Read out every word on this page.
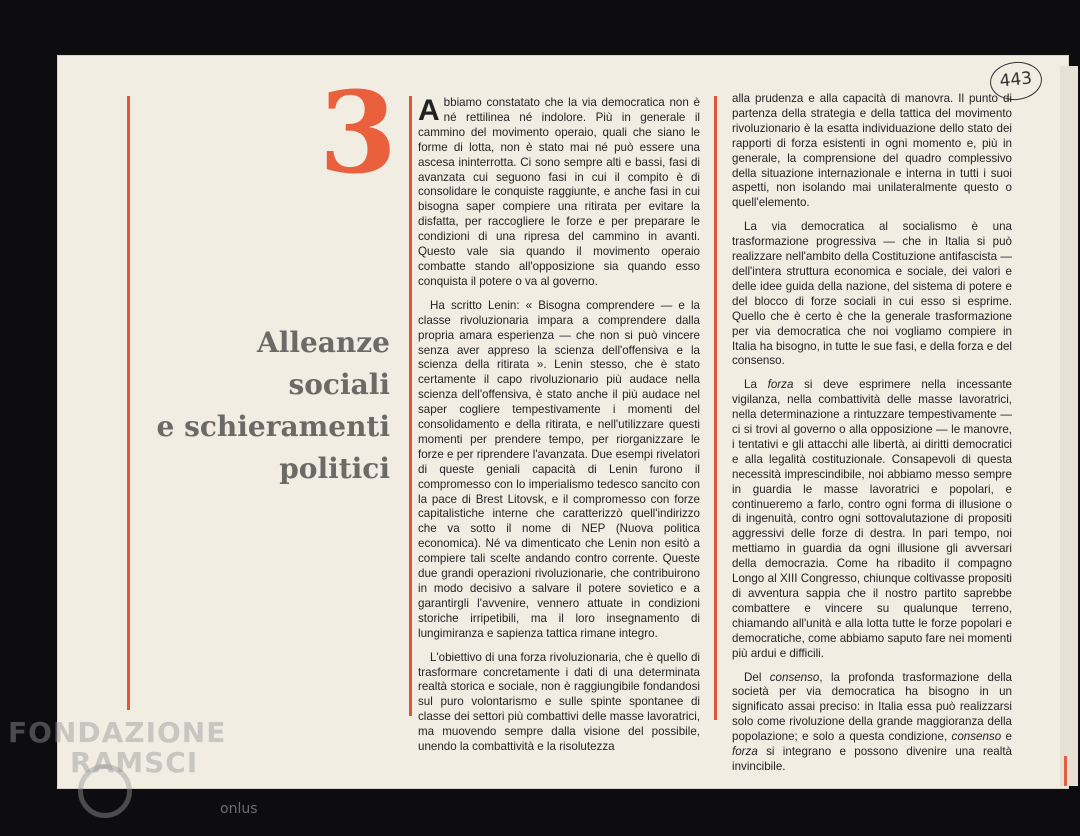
443
3
Alleanze
sociali
e schieramenti
politici

Abbiamo constatato che la via democratica non è né rettilinea né indolore. Più in generale il cammino del movimento operaio, quali che siano le forme di lotta, non è stato mai né può essere una ascesa ininterrotta. Ci sono sempre alti e bassi, fasi di avanzata cui seguono fasi in cui il compito è di consolidare le conquiste raggiunte, e anche fasi in cui bisogna saper compiere una ritirata per evitare la disfatta, per raccogliere le forze e per preparare le condizioni di una ripresa del cammino in avanti. Questo vale sia quando il movimento operaio combatte stando all'opposizione sia quando esso conquista il potere o va al governo.

Ha scritto Lenin: « Bisogna comprendere — e la classe rivoluzionaria impara a comprendere dalla propria amara esperienza — che non si può vincere senza aver appreso la scienza dell'offensiva e la scienza della ritirata ». Lenin stesso, che è stato certamente il capo rivoluzionario più audace nella scienza dell'offensiva, è stato anche il più audace nel saper cogliere tempestivamente i momenti del consolidamento e della ritirata, e nell'utilizzare questi momenti per prendere tempo, per riorganizzare le forze e per riprendere l'avanzata. Due esempi rivelatori di queste geniali capacità di Lenin furono il compromesso con lo imperialismo tedesco sancito con la pace di Brest Litovsk, e il compromesso con forze capitalistiche interne che caratterizzò quell'indirizzo che va sotto il nome di NEP (Nuova politica economica). Né va dimenticato che Lenin non esitò a compiere tali scelte andando contro corrente. Queste due grandi operazioni rivoluzionarie, che contribuirono in modo decisivo a salvare il potere sovietico e a garantirgli l'avvenire, vennero attuate in condizioni storiche irripetibili, ma il loro insegnamento di lungimiranza e sapienza tattica rimane integro.

L'obiettivo di una forza rivoluzionaria, che è quello di trasformare concretamente i dati di una determinata realtà storica e sociale, non è raggiungibile fondandosi sul puro volontarismo e sulle spinte spontanee di classe dei settori più combattivi delle masse lavoratrici, ma muovendo sempre dalla visione del possibile, unendo la combattività e la risolutezza

alla prudenza e alla capacità di manovra. Il punto di partenza della strategia e della tattica del movimento rivoluzionario è la esatta individuazione dello stato dei rapporti di forza esistenti in ogni momento e, più in generale, la comprensione del quadro complessivo della situazione internazionale e interna in tutti i suoi aspetti, non isolando mai unilateralmente questo o quell'elemento.

La via democratica al socialismo è una trasformazione progressiva — che in Italia si può realizzare nell'ambito della Costituzione antifascista — dell'intera struttura economica e sociale, dei valori e delle idee guida della nazione, del sistema di potere e del blocco di forze sociali in cui esso si esprime. Quello che è certo è che la generale trasformazione per via democratica che noi vogliamo compiere in Italia ha bisogno, in tutte le sue fasi, e della forza e del consenso.

La forza si deve esprimere nella incessante vigilanza, nella combattività delle masse lavoratrici, nella determinazione a rintuzzare tempestivamente — ci si trovi al governo o alla opposizione — le manovre, i tentativi e gli attacchi alle libertà, ai diritti democratici e alla legalità costituzionale. Consapevoli di questa necessità imprescindibile, noi abbiamo messo sempre in guardia le masse lavoratrici e popolari, e continueremo a farlo, contro ogni forma di illusione o di ingenuità, contro ogni sottovalutazione di propositi aggressivi delle forze di destra. In pari tempo, noi mettiamo in guardia da ogni illusione gli avversari della democrazia. Come ha ribadito il compagno Longo al XIII Congresso, chiunque coltivasse propositi di avventura sappia che il nostro partito saprebbe combattere e vincere su qualunque terreno, chiamando all'unità e alla lotta tutte le forze popolari e democratiche, come abbiamo saputo fare nei momenti più ardui e difficili.

Del consenso, la profonda trasformazione della società per via democratica ha bisogno in un significato assai preciso: in Italia essa può realizzarsi solo come rivoluzione della grande maggioranza della popolazione; e solo a questa condizione, consenso e forza si integrano e possono divenire una realtà invincibile.

FONDAZIONE
RAMSCI
onlus
